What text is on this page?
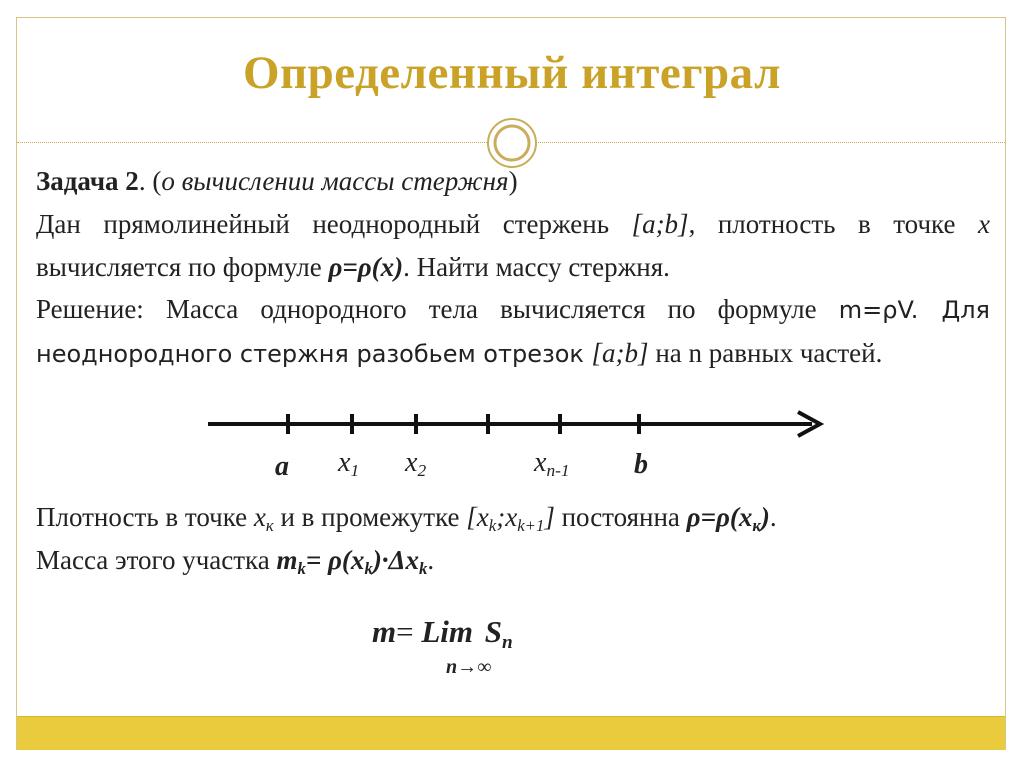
Определенный интеграл
Задача 2. (о вычислении массы стержня)
Дан прямолинейный неоднородный стержень [a;b], плотность в точке x вычисляется по формуле ρ=ρ(x). Найти массу стержня.
Решение: Масса однородного тела вычисляется по формуле m=ρV. Для неоднородного стержня разобьем отрезок [a;b] на n равных частей.
a $x_1$ $x_2$	$x_{n-1}$ b
Плотность в точке $x_к$ и в промежутке $[x_k;x_{k+1}]$ постоянна $\rho=\rho(x_к)$.
Масса этого участка $m_k= \rho(x_k)\cdot\Delta x_k$.
m= Lim $S_n$
n→∞
